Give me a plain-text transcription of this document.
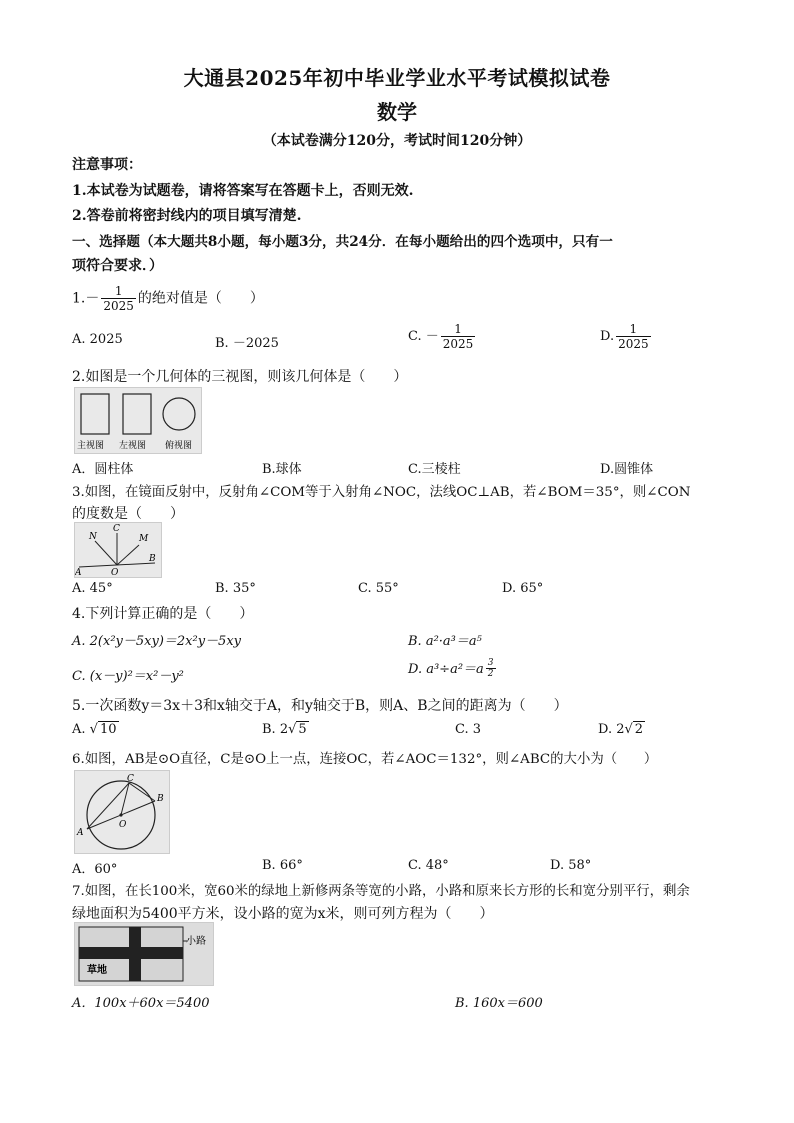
大通县2025年初中毕业学业水平考试模拟试卷
数学
（本试卷满分120分，考试时间120分钟）
注意事项：
1.本试卷为试题卷，请将答案写在答题卡上，否则无效.
2.答卷前将密封线内的项目填写清楚.
一、选择题（本大题共8小题，每小题3分，共24分．在每小题给出的四个选项中，只有一
项符合要求．）
$1.- \frac{1}{2025}$ 的绝对值是（　　）
A. 2025	B. －2025	C. － $\frac{1}{2025}$	D. $\frac{1}{2025}$
2.如图是一个几何体的三视图，则该几何体是（　　）
主视图 左视图 俯视图
A．圆柱体	B.球体	C.三棱柱	D.圆锥体
3.如图，在镜面反射中，反射角∠COM等于入射角∠NOC，法线OC⊥AB，若∠BOM＝35°，则∠CON
的度数是（　　）
N
C
M
A	O
B
A. 45°	B. 35°	C. 55°	D. 65°
4.下列计算正确的是（　　）
A. 2(x²y－5xy)＝2x²y－5xy	B. a²·a³＝a⁵
C. (x－y)²＝x²－y²	D. $a^3\div a^2=a \frac{3}{2}$
5.一次函数y＝3x＋3和x轴交于A，和y轴交于B，则A、B之间的距离为（　　）
A. √ 10	B. 2√ 5	C. 3	D. 2√ 2
6.如图，AB是⊙O直径，C是⊙O上一点，连接OC，若∠AOC＝132°，则∠ABC的大小为（　　）
C
B
A
O
A．60°	B. 66°	C. 48°	D. 58°
7.如图，在长100米，宽60米的绿地上新修两条等宽的小路，小路和原来长方形的长和宽分别平行，剩余
绿地面积为5400平方米，设小路的宽为x米，则可列方程为（　　）
小路
草地
A．100x＋60x＝5400	B. 160x＝600
